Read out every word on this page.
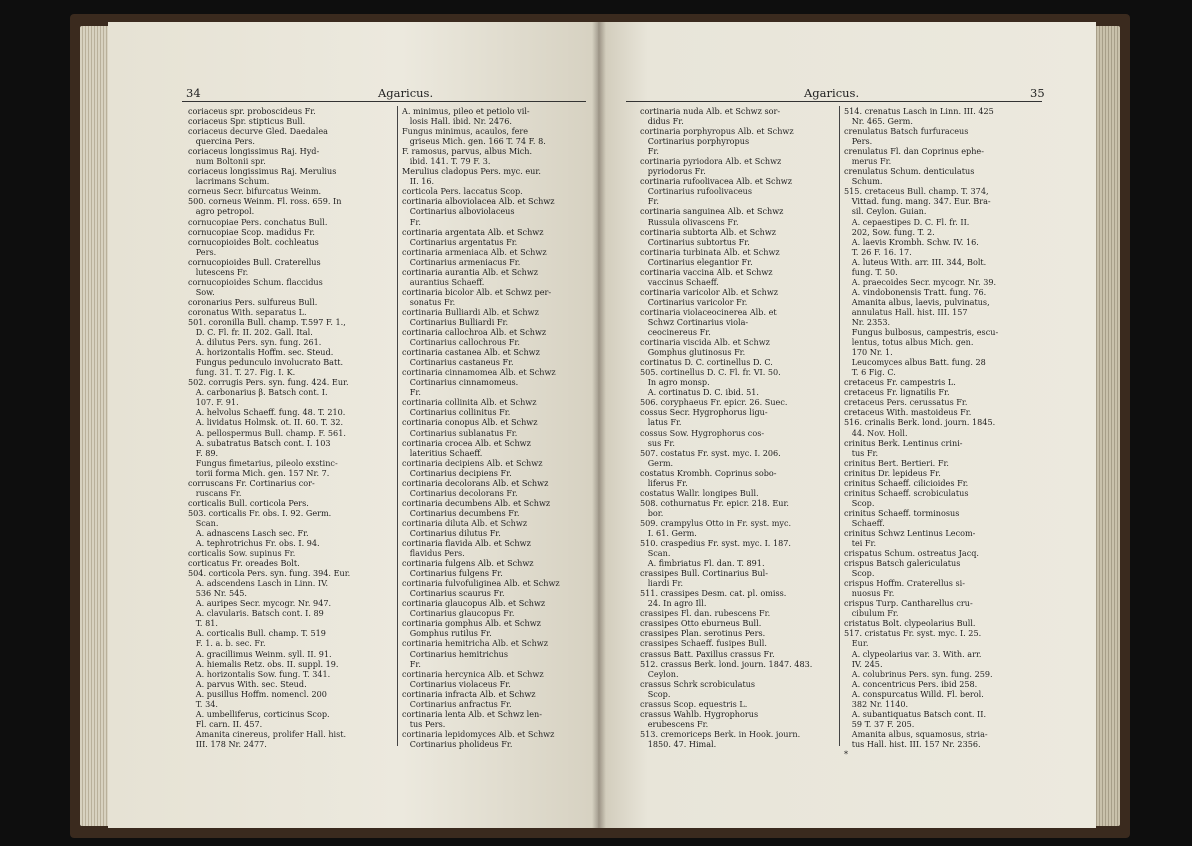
34	Agaricus.
coriaceus spr. proboscideus Fr.
coriaceus Spr. stipticus Bull.
coriaceus decurve Gled. Daedalea
quercina Pers.
coriaceus longissimus Raj. Hyd-
num Boltonii spr.
coriaceus longissimus Raj. Merulius
lacrimans Schum.
corneus Secr. bifurcatus Weinm.
500. corneus Weinm. Fl. ross. 659. In
agro petropol.
cornucopiae Pers. conchatus Bull.
cornucopiae Scop. madidus Fr.
cornucopioides Bolt. cochleatus
Pers.
cornucopioides Bull. Craterellus
lutescens Fr.
cornucopioides Schum. flaccidus
Sow.
coronarius Pers. sulfureus Bull.
coronatus With. separatus L.
501. coronilla Bull. champ. T.597 F. 1.,
D. C. Fl. fr. II. 202. Gall. Ital.
A. dilutus Pers. syn. fung. 261.
A. horizontalis Hoffm. sec. Steud.
Fungus pedunculo involucrato Batt.
fung. 31. T. 27. Fig. I. K.
502. corrugis Pers. syn. fung. 424. Eur.
A. carbonarius β. Batsch cont. I.
107. F. 91.
A. helvolus Schaeff. fung. 48. T. 210.
A. lividatus Holmsk. ot. II. 60. T. 32.
A. pellospermus Bull. champ. F. 561.
A. subatratus Batsch cont. I. 103
F. 89.
Fungus fimetarius, pileolo exstinc-
torii forma Mich. gen. 157 Nr. 7.
corruscans Fr. Cortinarius cor-
ruscans Fr.
corticalis Bull. corticola Pers.
503. corticalis Fr. obs. I. 92. Germ.
Scan.
A. adnascens Lasch sec. Fr.
A. tephrotrichus Fr. obs. I. 94.
corticalis Sow. supinus Fr.
corticatus Fr. oreades Bolt.
504. corticola Pers. syn. fung. 394. Eur.
A. adscendens Lasch in Linn. IV.
536 Nr. 545.
A. auripes Secr. mycogr. Nr. 947.
A. clavularis. Batsch cont. I. 89
T. 81.
A. corticalis Bull. champ. T. 519
F. 1. a. b. sec. Fr.
A. gracillimus Weinm. syll. II. 91.
A. hiemalis Retz. obs. II. suppl. 19.
A. horizontalis Sow. fung. T. 341.
A. parvus With. sec. Steud.
A. pusillus Hoffm. nomencl. 200
T. 34.
A. umbelliferus, corticinus Scop.
Fl. carn. II. 457.
Amanita cinereus, prolifer Hall. hist.
III. 178 Nr. 2477.
A. minimus, pileo et petiolo vil-
losis Hall. ibid. Nr. 2476.
Fungus minimus, acaulos, fere
griseus Mich. gen. 166 T. 74 F. 8.
F. ramosus, parvus, albus Mich.
ibid. 141. T. 79 F. 3.
Merulius cladopus Pers. myc. eur.
II. 16.
corticola Pers. laccatus Scop.
cortinaria alboviolacea Alb. et Schwz
Cortinarius alboviolaceus
Fr.
cortinaria argentata Alb. et Schwz
Cortinarius argentatus Fr.
cortinaria armeniaca Alb. et Schwz
Cortinarius armeniacus Fr.
cortinaria aurantia Alb. et Schwz
aurantius Schaeff.
cortinaria bicolor Alb. et Schwz per-
sonatus Fr.
cortinaria Bulliardi Alb. et Schwz
Cortinarius Bulliardi Fr.
cortinaria callochroa Alb. et Schwz
Cortinarius callochrous Fr.
cortinaria castanea Alb. et Schwz
Cortinarius castaneus Fr.
cortinaria cinnamomea Alb. et Schwz
Cortinarius cinnamomeus.
Fr.
cortinaria collinita Alb. et Schwz
Cortinarius collinitus Fr.
cortinaria conopus Alb. et Schwz
Cortinarius sublanatus Fr.
cortinaria crocea Alb. et Schwz
lateritius Schaeff.
cortinaria decipiens Alb. et Schwz
Cortinarius decipiens Fr.
cortinaria decolorans Alb. et Schwz
Cortinarius decolorans Fr.
cortinaria decumbens Alb. et Schwz
Cortinarius decumbens Fr.
cortinaria diluta Alb. et Schwz
Cortinarius dilutus Fr.
cortinaria flavida Alb. et Schwz
flavidus Pers.
cortinaria fulgens Alb. et Schwz
Cortinarius fulgens Fr.
cortinaria fulvofuliginea Alb. et Schwz
Cortinarius scaurus Fr.
cortinaria glaucopus Alb. et Schwz
Cortinarius glaucopus Fr.
cortinaria gomphus Alb. et Schwz
Gomphus rutilus Fr.
cortinaria hemitricha Alb. et Schwz
Cortinarius hemitrichus
Fr.
cortinaria hercynica Alb. et Schwz
Cortinarius violaceus Fr.
cortinaria infracta Alb. et Schwz
Cortinarius anfractus Fr.
cortinaria lenta Alb. et Schwz len-
tus Pers.
cortinaria lepidomyces Alb. et Schwz
Cortinarius pholideus Fr.
Agaricus.	35
cortinaria nuda Alb. et Schwz sor-
didus Fr.
cortinaria porphyropus Alb. et Schwz
Cortinarius porphyropus
Fr.
cortinaria pyriodora Alb. et Schwz
pyriodorus Fr.
cortinaria rufoolivacea Alb. et Schwz
Cortinarius rufoolivaceus
Fr.
cortinaria sanguinea Alb. et Schwz
Russula olivascens Fr.
cortinaria subtorta Alb. et Schwz
Cortinarius subtortus Fr.
cortinaria turbinata Alb. et Schwz
Cortinarius elegantior Fr.
cortinaria vaccina Alb. et Schwz
vaccinus Schaeff.
cortinaria varicolor Alb. et Schwz
Cortinarius varicolor Fr.
cortinaria violaceocinerea Alb. et
Schwz Cortinarius viola-
ceocinereus Fr.
cortinaria viscida Alb. et Schwz
Gomphus glutinosus Fr.
cortinatus D. C. cortinellus D. C.
505. cortinellus D. C. Fl. fr. VI. 50.
In agro monsp.
A. cortinatus D. C. ibid. 51.
506. coryphaeus Fr. epicr. 26. Suec.
cossus Secr. Hygrophorus ligu-
latus Fr.
cossus Sow. Hygrophorus cos-
sus Fr.
507. costatus Fr. syst. myc. I. 206.
Germ.
costatus Krombh. Coprinus sobo-
liferus Fr.
costatus Wallr. longipes Bull.
508. cothurnatus Fr. epicr. 218. Eur.
bor.
509. crampylus Otto in Fr. syst. myc.
I. 61. Germ.
510. craspedius Fr. syst. myc. I. 187.
Scan.
A. fimbriatus Fl. dan. T. 891.
crassipes Bull. Cortinarius Bul-
liardi Fr.
511. crassipes Desm. cat. pl. omiss.
24. In agro Ill.
crassipes Fl. dan. rubescens Fr.
crassipes Otto eburneus Bull.
crassipes Plan. serotinus Pers.
crassipes Schaeff. fusipes Bull.
crassus Batt. Paxillus crassus Fr.
512. crassus Berk. lond. journ. 1847. 483.
Ceylon.
crassus Schrk scrobiculatus
Scop.
crassus Scop. equestris L.
crassus Wahlb. Hygrophorus
erubescens Fr.
513. cremoriceps Berk. in Hook. journ.
1850. 47. Himal.
514. crenatus Lasch in Linn. III. 425
Nr. 465. Germ.
crenulatus Batsch furfuraceus
Pers.
crenulatus Fl. dan Coprinus ephe-
merus Fr.
crenulatus Schum. denticulatus
Schum.
515. cretaceus Bull. champ. T. 374,
Vittad. fung. mang. 347. Eur. Bra-
sil. Ceylon. Guian.
A. cepaestipes D. C. Fl. fr. II.
202, Sow. fung. T. 2.
A. laevis Krombh. Schw. IV. 16.
T. 26 F. 16. 17.
A. luteus With. arr. III. 344, Bolt.
fung. T. 50.
A. praecoides Secr. mycogr. Nr. 39.
A. vindobonensis Tratt. fung. 76.
Amanita albus, laevis, pulvinatus,
annulatus Hall. hist. III. 157
Nr. 2353.
Fungus bulbosus, campestris, escu-
lentus, totus albus Mich. gen.
170 Nr. 1.
Leucomyces albus Batt. fung. 28
T. 6 Fig. C.
cretaceus Fr. campestris L.
cretaceus Fr. lignatilis Fr.
cretaceus Pers. cerussatus Fr.
cretaceus With. mastoideus Fr.
516. crinalis Berk. lond. journ. 1845.
44. Nov. Holl.
crinitus Berk. Lentinus crini-
tus Fr.
crinitus Bert. Bertieri. Fr.
crinitus Dr. lepideus Fr.
crinitus Schaeff. cilicioides Fr.
crinitus Schaeff. scrobiculatus
Scop.
crinitus Schaeff. torminosus
Schaeff.
crinitus Schwz Lentinus Lecom-
tei Fr.
crispatus Schum. ostreatus Jacq.
crispus Batsch galericulatus
Scop.
crispus Hoffm. Craterellus si-
nuosus Fr.
crispus Turp. Cantharellus cru-
cibulum Fr.
cristatus Bolt. clypeolarius Bull.
517. cristatus Fr. syst. myc. I. 25.
Eur.
A. clypeolarius var. 3. With. arr.
IV. 245.
A. colubrinus Pers. syn. fung. 259.
A. concentricus Pers. ibid 258.
A. conspurcatus Willd. Fl. berol.
382 Nr. 1140.
A. subantiquatus Batsch cont. II.
59 T. 37 F. 205.
Amanita albus, squamosus, stria-
tus Hall. hist. III. 157 Nr. 2356.
*
